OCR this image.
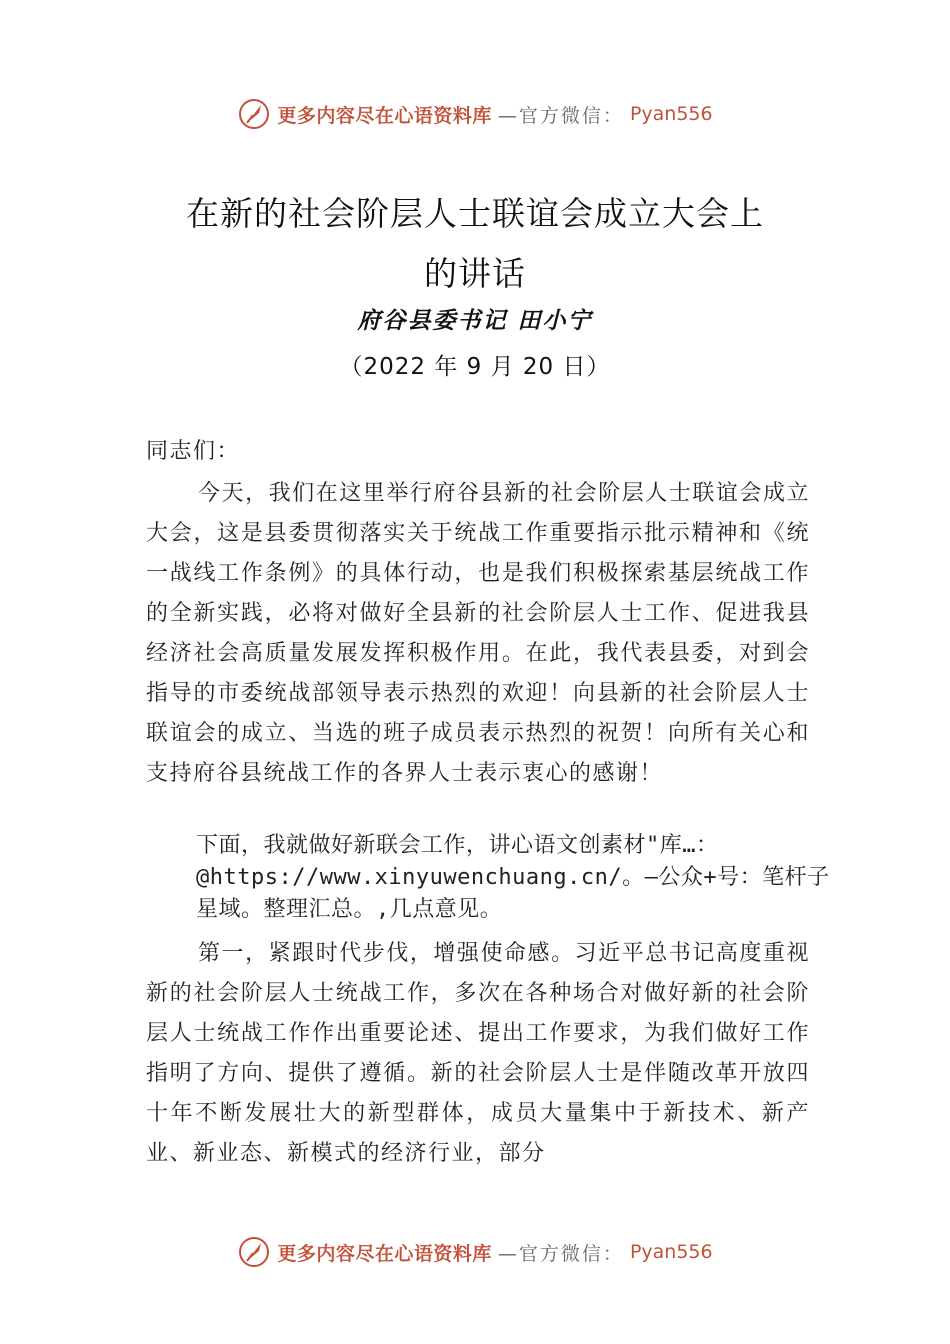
更多内容尽在心语资料库 —官方微信： Pyan556
在新的社会阶层人士联谊会成立大会上
的讲话
府谷县委书记 田小宁
（2022 年 9 月 20 日）
同志们：
今天，我们在这里举行府谷县新的社会阶层人士联谊会成立大会，这是县委贯彻落实关于统战工作重要指示批示精神和《统一战线工作条例》的具体行动，也是我们积极探索基层统战工作的全新实践，必将对做好全县新的社会阶层人士工作、促进我县经济社会高质量发展发挥积极作用。在此，我代表县委，对到会指导的市委统战部领导表示热烈的欢迎！向县新的社会阶层人士联谊会的成立、当选的班子成员表示热烈的祝贺！向所有关心和支持府谷县统战工作的各界人士表示衷心的感谢！
下面，我就做好新联会工作，讲心语文创素材"库…：@https://www.xinyuwenchuang.cn/。—公众+号：笔杆子星域。整理汇总。,几点意见。
第一，紧跟时代步伐，增强使命感。习近平总书记高度重视新的社会阶层人士统战工作，多次在各种场合对做好新的社会阶层人士统战工作作出重要论述、提出工作要求，为我们做好工作指明了方向、提供了遵循。新的社会阶层人士是伴随改革开放四十年不断发展壮大的新型群体，成员大量集中于新技术、新产业、新业态、新模式的经济行业，部分
更多内容尽在心语资料库 —官方微信： Pyan556
